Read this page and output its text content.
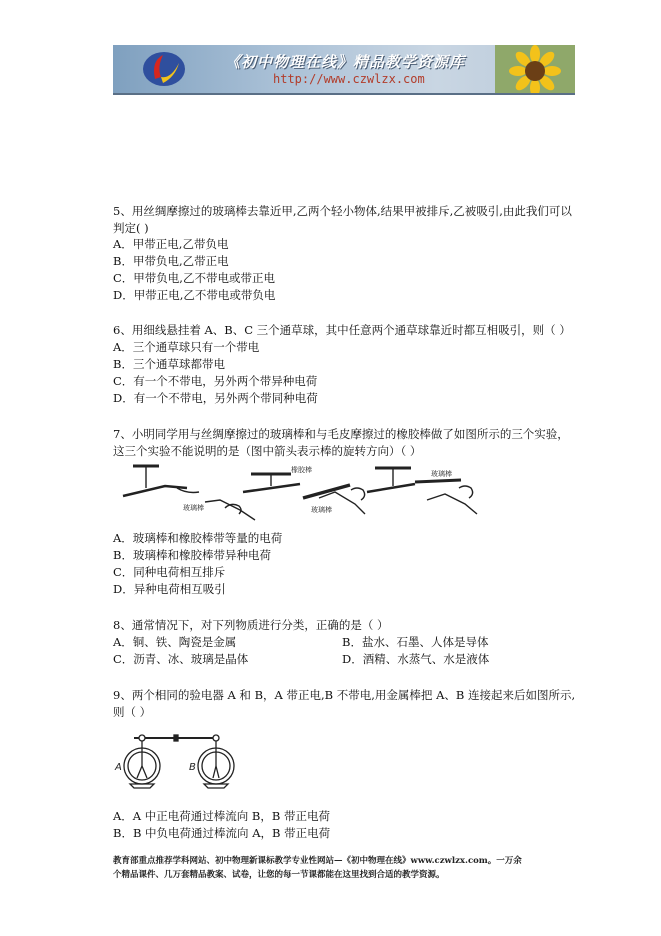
《初中物理在线》精品教学资源库
http://www.czwlzx.com
5、用丝绸摩擦过的玻璃棒去靠近甲,乙两个轻小物体,结果甲被排斥,乙被吸引,由此我们可以
判定( )
A．甲带正电,乙带负电
B．甲带负电,乙带正电
C．甲带负电,乙不带电或带正电
D．甲带正电,乙不带电或带负电
6、用细线悬挂着 A、B、C 三个通草球，其中任意两个通草球靠近时都互相吸引，则（ ）
A．三个通草球只有一个带电
B．三个通草球都带电
C．有一个不带电，另外两个带异种电荷
D．有一个不带电，另外两个带同种电荷
7、小明同学用与丝绸摩擦过的玻璃棒和与毛皮摩擦过的橡胶棒做了如图所示的三个实验，
这三个实验不能说明的是（图中箭头表示棒的旋转方向）（ ）
玻璃棒
橡胶棒
玻璃棒
玻璃棒
A．玻璃棒和橡胶棒带等量的电荷
B．玻璃棒和橡胶棒带异种电荷
C．同种电荷相互排斥
D．异种电荷相互吸引
8、通常情况下，对下列物质进行分类，正确的是（ ）
A．铜、铁、陶瓷是金属	B．盐水、石墨、人体是导体
C．沥青、冰、玻璃是晶体	D．酒精、水蒸气、水是液体
9、两个相同的验电器 A 和 B，A 带正电,B 不带电,用金属棒把 A、B 连接起来后如图所示,
则（ ）
A	B
A．A 中正电荷通过棒流向 B，B 带正电荷
B．B 中负电荷通过棒流向 A，B 带正电荷
教育部重点推荐学科网站、初中物理新课标教学专业性网站—《初中物理在线》www.czwlzx.com。一万余
个精品课件、几万套精品教案、试卷，让您的每一节课都能在这里找到合适的教学资源。
